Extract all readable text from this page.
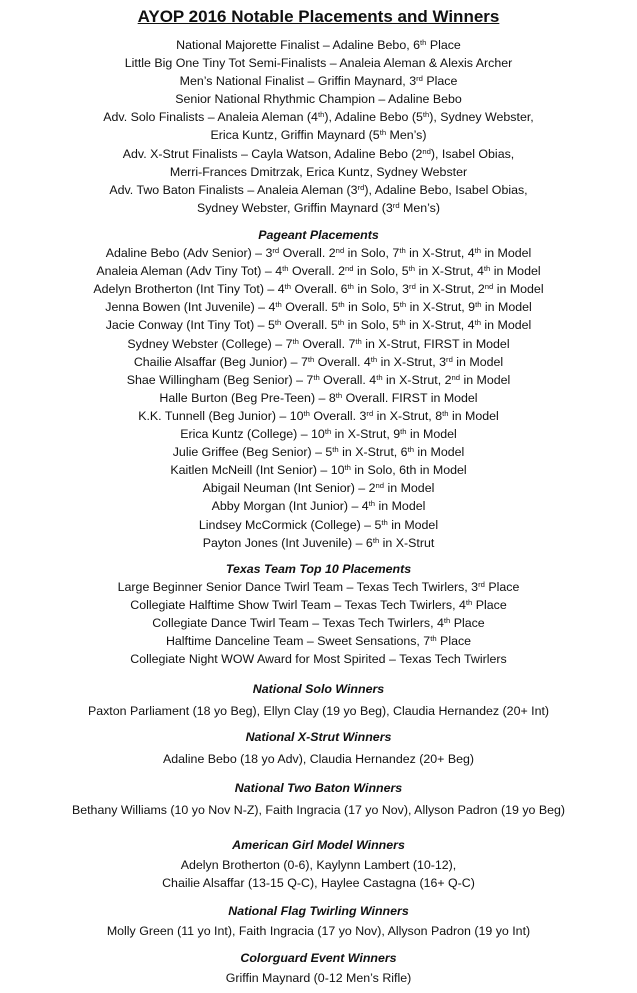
AYOP 2016 Notable Placements and Winners
National Majorette Finalist – Adaline Bebo, 6th Place
Little Big One Tiny Tot Semi-Finalists – Analeia Aleman & Alexis Archer
Men’s National Finalist – Griffin Maynard, 3rd Place
Senior National Rhythmic Champion – Adaline Bebo
Adv. Solo Finalists – Analeia Aleman (4th), Adaline Bebo (5th), Sydney Webster,
Erica Kuntz, Griffin Maynard (5th Men’s)
Adv. X-Strut Finalists – Cayla Watson, Adaline Bebo (2nd), Isabel Obias,
Merri-Frances Dmitrzak, Erica Kuntz, Sydney Webster
Adv. Two Baton Finalists – Analeia Aleman (3rd), Adaline Bebo, Isabel Obias,
Sydney Webster, Griffin Maynard (3rd Men’s)
Pageant Placements
Adaline Bebo (Adv Senior) – 3rd Overall. 2nd in Solo, 7th in X-Strut, 4th in Model
Analeia Aleman (Adv Tiny Tot) – 4th Overall. 2nd in Solo, 5th in X-Strut, 4th in Model
Adelyn Brotherton (Int Tiny Tot) – 4th Overall. 6th in Solo, 3rd in X-Strut, 2nd in Model
Jenna Bowen (Int Juvenile) – 4th Overall. 5th in Solo, 5th in X-Strut, 9th in Model
Jacie Conway (Int Tiny Tot) – 5th Overall. 5th in Solo, 5th in X-Strut, 4th in Model
Sydney Webster (College) – 7th Overall. 7th in X-Strut, FIRST in Model
Chailie Alsaffar (Beg Junior) – 7th Overall. 4th in X-Strut, 3rd in Model
Shae Willingham (Beg Senior) – 7th Overall. 4th in X-Strut, 2nd in Model
Halle Burton (Beg Pre-Teen) – 8th Overall. FIRST in Model
K.K. Tunnell (Beg Junior) – 10th Overall. 3rd in X-Strut, 8th in Model
Erica Kuntz (College) – 10th in X-Strut, 9th in Model
Julie Griffee (Beg Senior) – 5th in X-Strut, 6th in Model
Kaitlen McNeill (Int Senior) – 10th in Solo, 6th in Model
Abigail Neuman (Int Senior) – 2nd in Model
Abby Morgan (Int Junior) – 4th in Model
Lindsey McCormick (College) – 5th in Model
Payton Jones (Int Juvenile) – 6th in X-Strut
Texas Team Top 10 Placements
Large Beginner Senior Dance Twirl Team – Texas Tech Twirlers, 3rd Place
Collegiate Halftime Show Twirl Team – Texas Tech Twirlers, 4th Place
Collegiate Dance Twirl Team – Texas Tech Twirlers, 4th Place
Halftime Danceline Team – Sweet Sensations, 7th Place
Collegiate Night WOW Award for Most Spirited – Texas Tech Twirlers
National Solo Winners
Paxton Parliament (18 yo Beg), Ellyn Clay (19 yo Beg), Claudia Hernandez (20+ Int)
National X-Strut Winners
Adaline Bebo (18 yo Adv), Claudia Hernandez (20+ Beg)
National Two Baton Winners
Bethany Williams (10 yo Nov N-Z), Faith Ingracia (17 yo Nov), Allyson Padron (19 yo Beg)
American Girl Model Winners
Adelyn Brotherton (0-6), Kaylynn Lambert (10-12),
Chailie Alsaffar (13-15 Q-C), Haylee Castagna (16+ Q-C)
National Flag Twirling Winners
Molly Green (11 yo Int), Faith Ingracia (17 yo Nov), Allyson Padron (19 yo Int)
Colorguard Event Winners
Griffin Maynard (0-12 Men’s Rifle)
